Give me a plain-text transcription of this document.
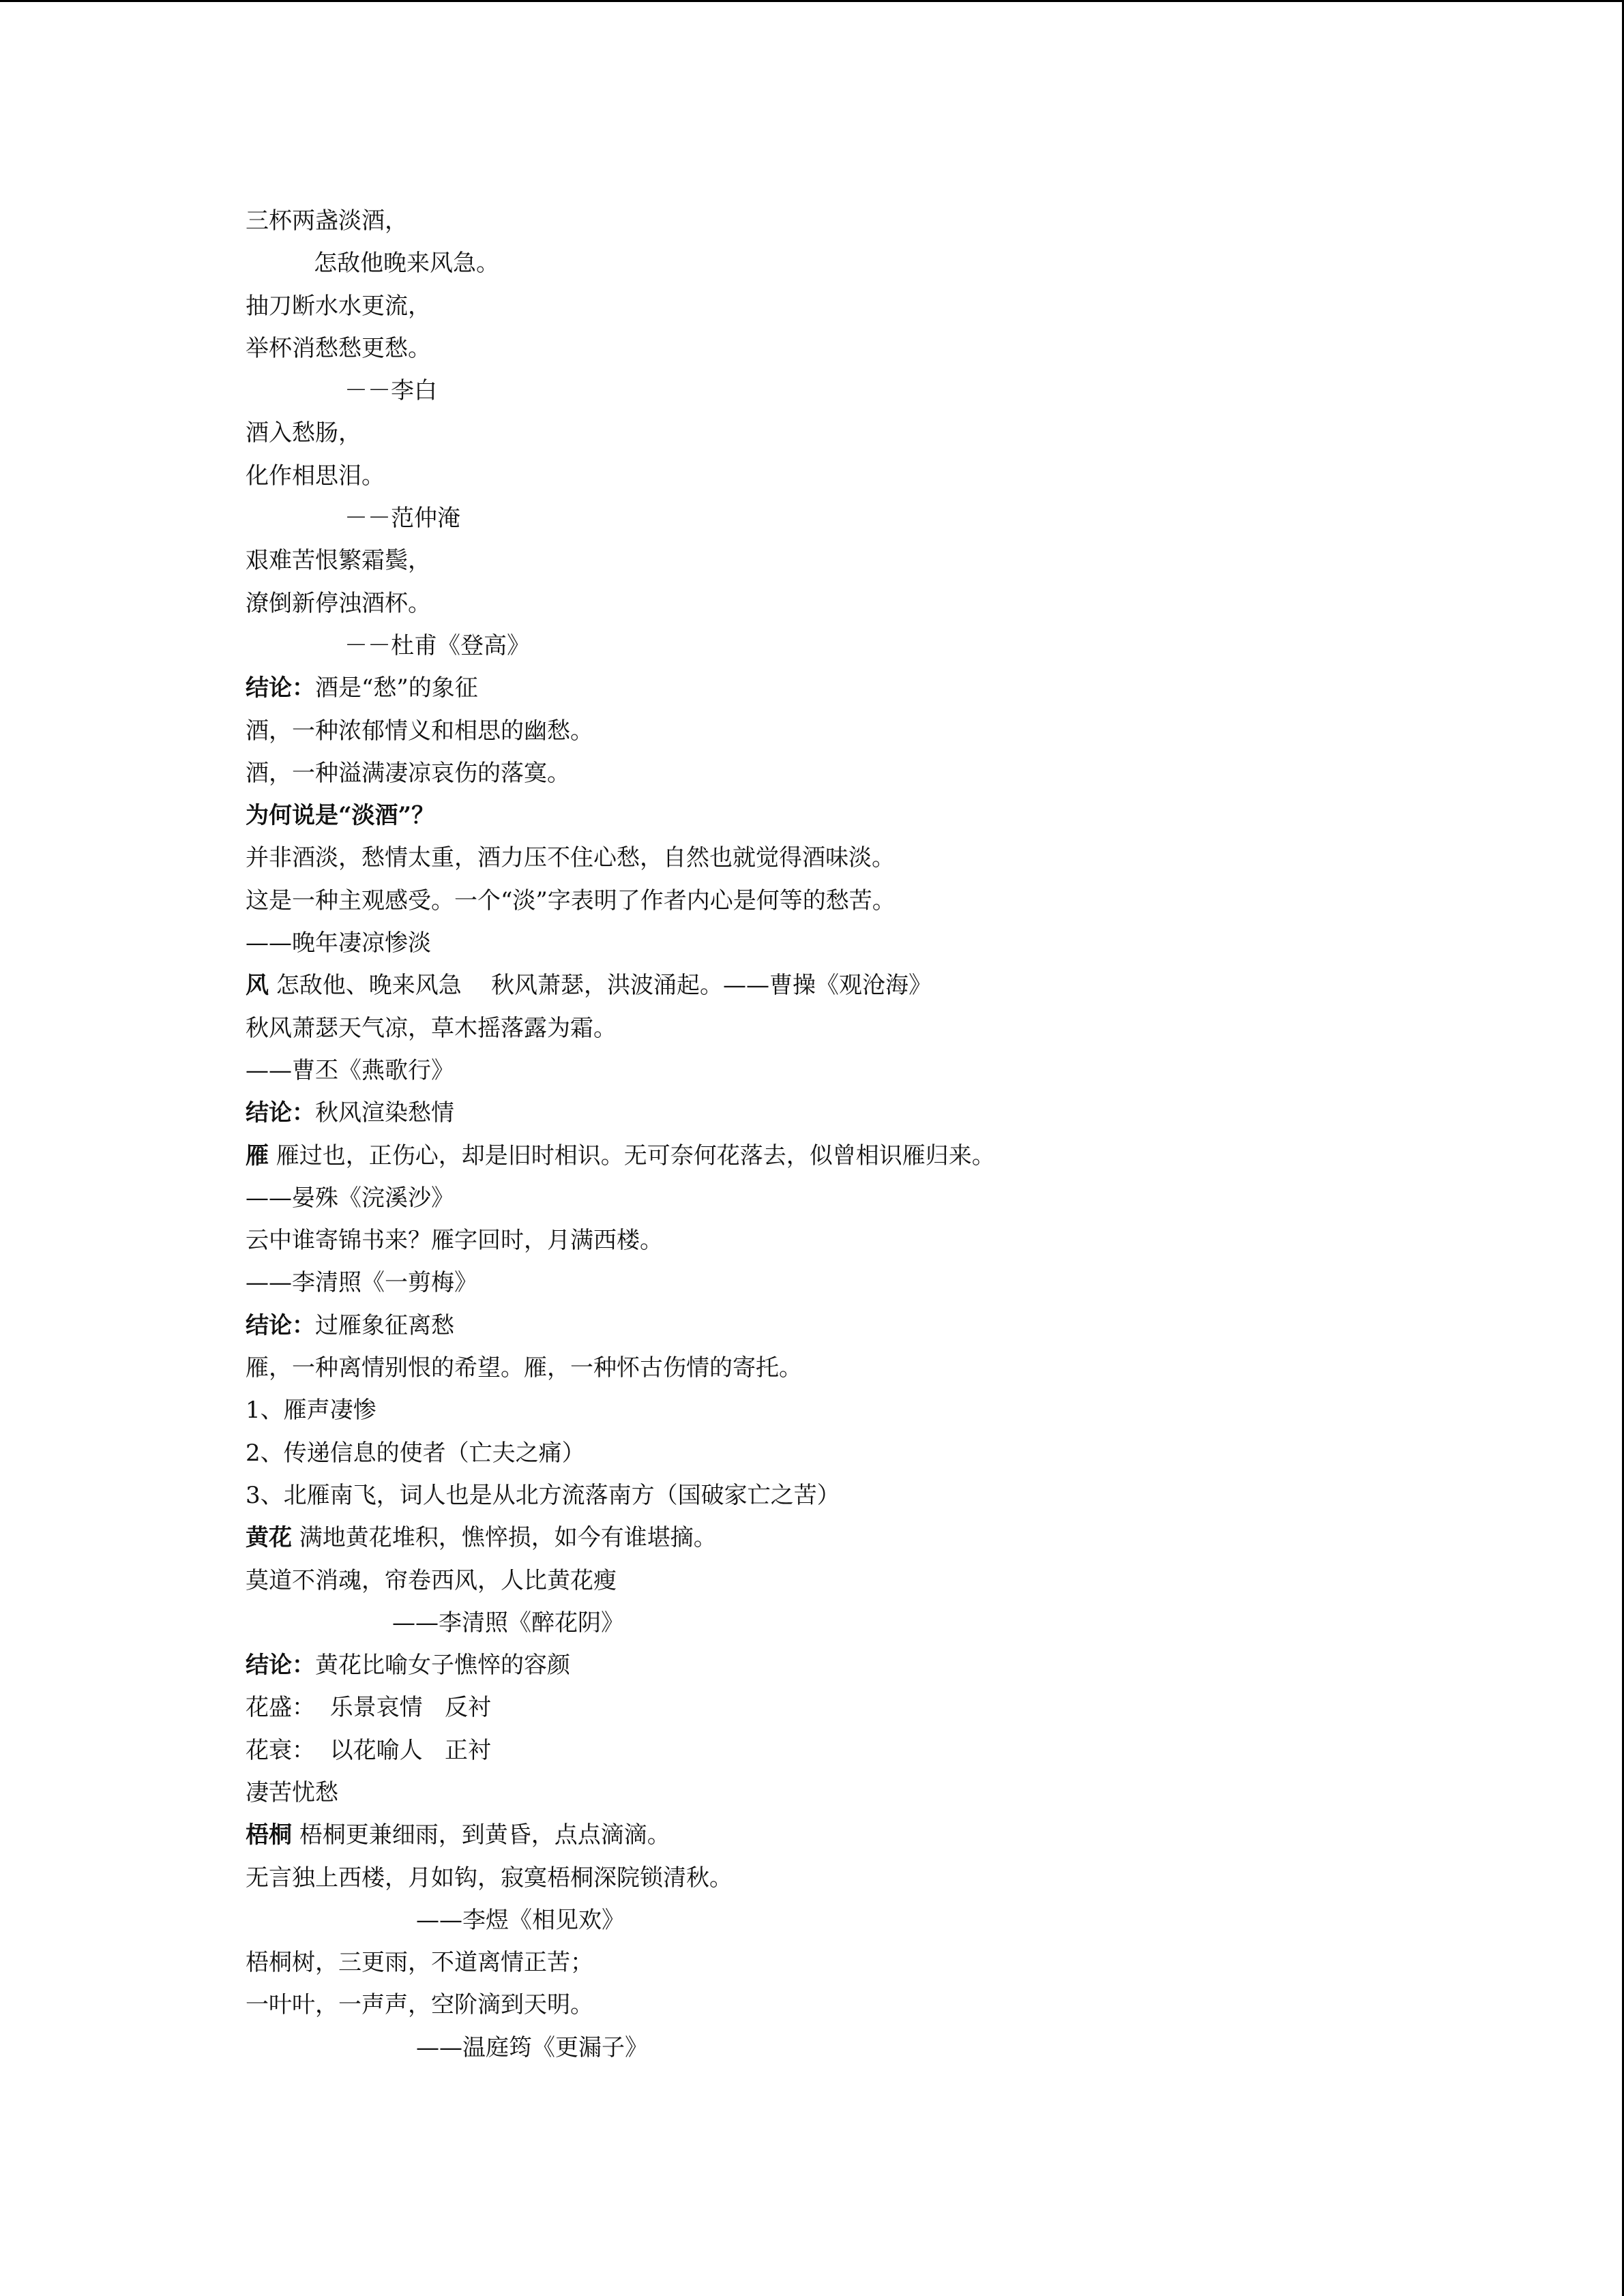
三杯两盏淡酒，

怎敌他晚来风急。

抽刀断水水更流，

举杯消愁愁更愁。

－－李白

酒入愁肠，

化作相思泪。

－－范仲淹

艰难苦恨繁霜鬓，

潦倒新停浊酒杯。

－－杜甫《登高》

结论：酒是“愁”的象征

酒，一种浓郁情义和相思的幽愁。

酒，一种溢满凄凉哀伤的落寞。

为何说是“淡酒”？

并非酒淡，愁情太重，酒力压不住心愁，自然也就觉得酒味淡。

这是一种主观感受。一个“淡”字表明了作者内心是何等的愁苦。

——晚年凄凉惨淡

风 怎敌他、晚来风急    秋风萧瑟，洪波涌起。——曹操《观沧海》

秋风萧瑟天气凉，草木摇落露为霜。

——曹丕《燕歌行》

结论：秋风渲染愁情

雁 雁过也，正伤心，却是旧时相识。无可奈何花落去，似曾相识雁归来。

——晏殊《浣溪沙》

云中谁寄锦书来？雁字回时，月满西楼。

——李清照《一剪梅》

结论：过雁象征离愁

雁，一种离情别恨的希望。雁，一种怀古伤情的寄托。

1、雁声凄惨

2、传递信息的使者（亡夫之痛）

3、北雁南飞，词人也是从北方流落南方（国破家亡之苦）

黄花 满地黄花堆积，憔悴损，如今有谁堪摘。

莫道不消魂，帘卷西风，人比黄花瘦

——李清照《醉花阴》

结论：黄花比喻女子憔悴的容颜

花盛：  乐景哀情   反衬

花衰：  以花喻人   正衬

凄苦忧愁

梧桐 梧桐更兼细雨，到黄昏，点点滴滴。

无言独上西楼，月如钩，寂寞梧桐深院锁清秋。

——李煜《相见欢》

梧桐树，三更雨，不道离情正苦；

一叶叶，一声声，空阶滴到天明。

——温庭筠《更漏子》
